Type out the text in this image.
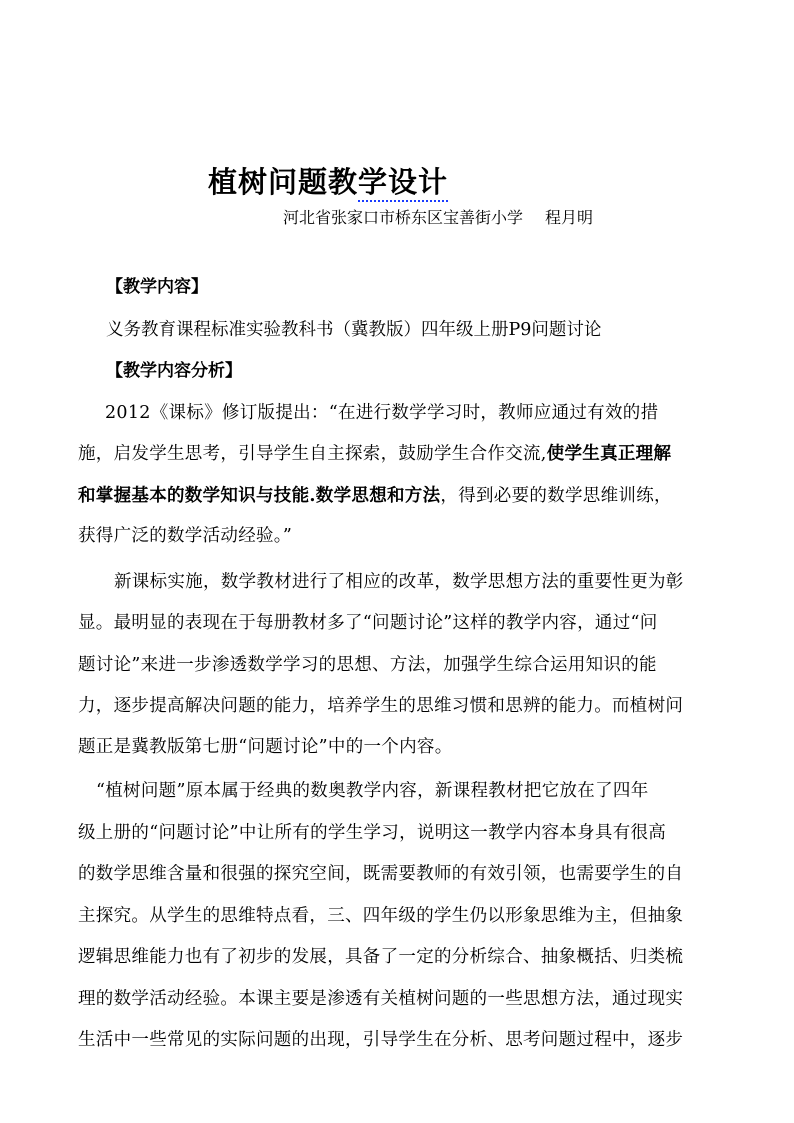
植树问题教学设计
河北省张家口市桥东区宝善街小学 程月明
【教学内容】
义务教育课程标准实验教科书（冀教版）四年级上册P9问题讨论
【教学内容分析】
2012《课标》修订版提出：“在进行数学学习时，教师应通过有效的措
施，启发学生思考，引导学生自主探索，鼓励学生合作交流,使学生真正理解
和掌握基本的数学知识与技能.数学思想和方法，得到必要的数学思维训练，
获得广泛的数学活动经验。”
新课标实施，数学教材进行了相应的改革，数学思想方法的重要性更为彰
显。最明显的表现在于每册教材多了“问题讨论”这样的教学内容，通过“问
题讨论”来进一步渗透数学学习的思想、方法，加强学生综合运用知识的能
力，逐步提高解决问题的能力，培养学生的思维习惯和思辨的能力。而植树问
题正是冀教版第七册“问题讨论”中的一个内容。
“植树问题”原本属于经典的数奥教学内容，新课程教材把它放在了四年
级上册的“问题讨论”中让所有的学生学习，说明这一教学内容本身具有很高
的数学思维含量和很强的探究空间，既需要教师的有效引领，也需要学生的自
主探究。从学生的思维特点看，三、四年级的学生仍以形象思维为主，但抽象
逻辑思维能力也有了初步的发展，具备了一定的分析综合、抽象概括、归类梳
理的数学活动经验。本课主要是渗透有关植树问题的一些思想方法，通过现实
生活中一些常见的实际问题的出现，引导学生在分析、思考问题过程中，逐步
